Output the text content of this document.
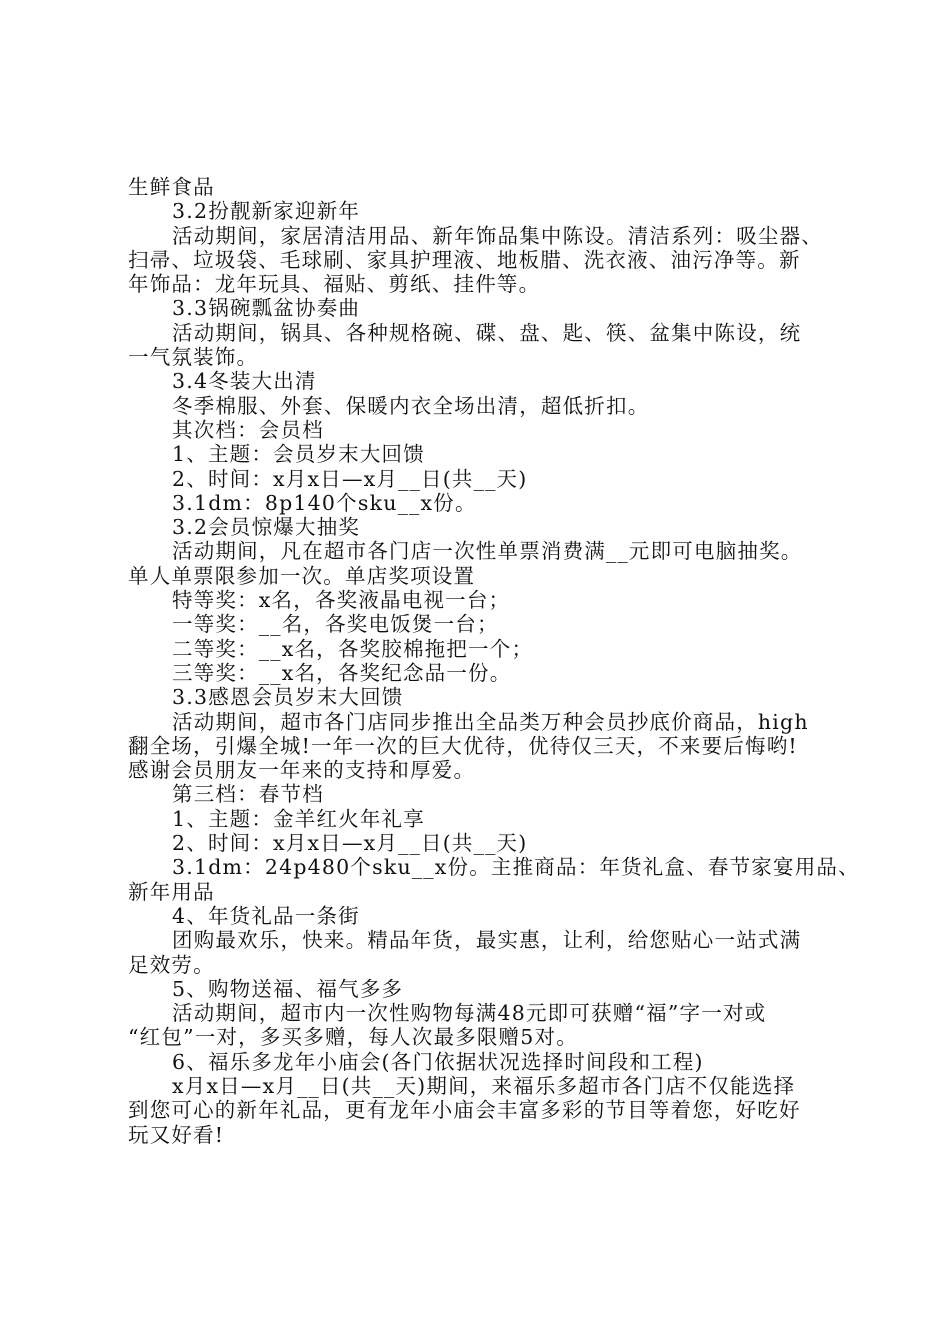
生鲜食品
3.2扮靓新家迎新年
活动期间，家居清洁用品、新年饰品集中陈设。清洁系列：吸尘器、
扫帚、垃圾袋、毛球刷、家具护理液、地板腊、洗衣液、油污净等。新
年饰品：龙年玩具、福贴、剪纸、挂件等。
3.3锅碗瓢盆协奏曲
活动期间，锅具、各种规格碗、碟、盘、匙、筷、盆集中陈设，统
一气氛装饰。
3.4冬装大出清
冬季棉服、外套、保暖内衣全场出清，超低折扣。
其次档：会员档
1、主题：会员岁末大回馈
2、时间：x月x日—x月__日(共__天)
3.1dm：8p140个sku__x份。
3.2会员惊爆大抽奖
活动期间，凡在超市各门店一次性单票消费满__元即可电脑抽奖。
单人单票限参加一次。单店奖项设置
特等奖：x名，各奖液晶电视一台；
一等奖：__名，各奖电饭煲一台；
二等奖：__x名，各奖胶棉拖把一个；
三等奖：__x名，各奖纪念品一份。
3.3感恩会员岁末大回馈
活动期间，超市各门店同步推出全品类万种会员抄底价商品，high
翻全场，引爆全城!一年一次的巨大优待，优待仅三天，不来要后悔哟!
感谢会员朋友一年来的支持和厚爱。
第三档：春节档
1、主题：金羊红火年礼享
2、时间：x月x日—x月__日(共__天)
3.1dm：24p480个sku__x份。主推商品：年货礼盒、春节家宴用品、
新年用品
4、年货礼品一条街
团购最欢乐，快来。精品年货，最实惠，让利，给您贴心一站式满
足效劳。
5、购物送福、福气多多
活动期间，超市内一次性购物每满48元即可获赠“福”字一对或
“红包”一对，多买多赠，每人次最多限赠5对。
6、福乐多龙年小庙会(各门依据状况选择时间段和工程)
x月x日—x月__日(共__天)期间，来福乐多超市各门店不仅能选择
到您可心的新年礼品，更有龙年小庙会丰富多彩的节目等着您，好吃好
玩又好看!
